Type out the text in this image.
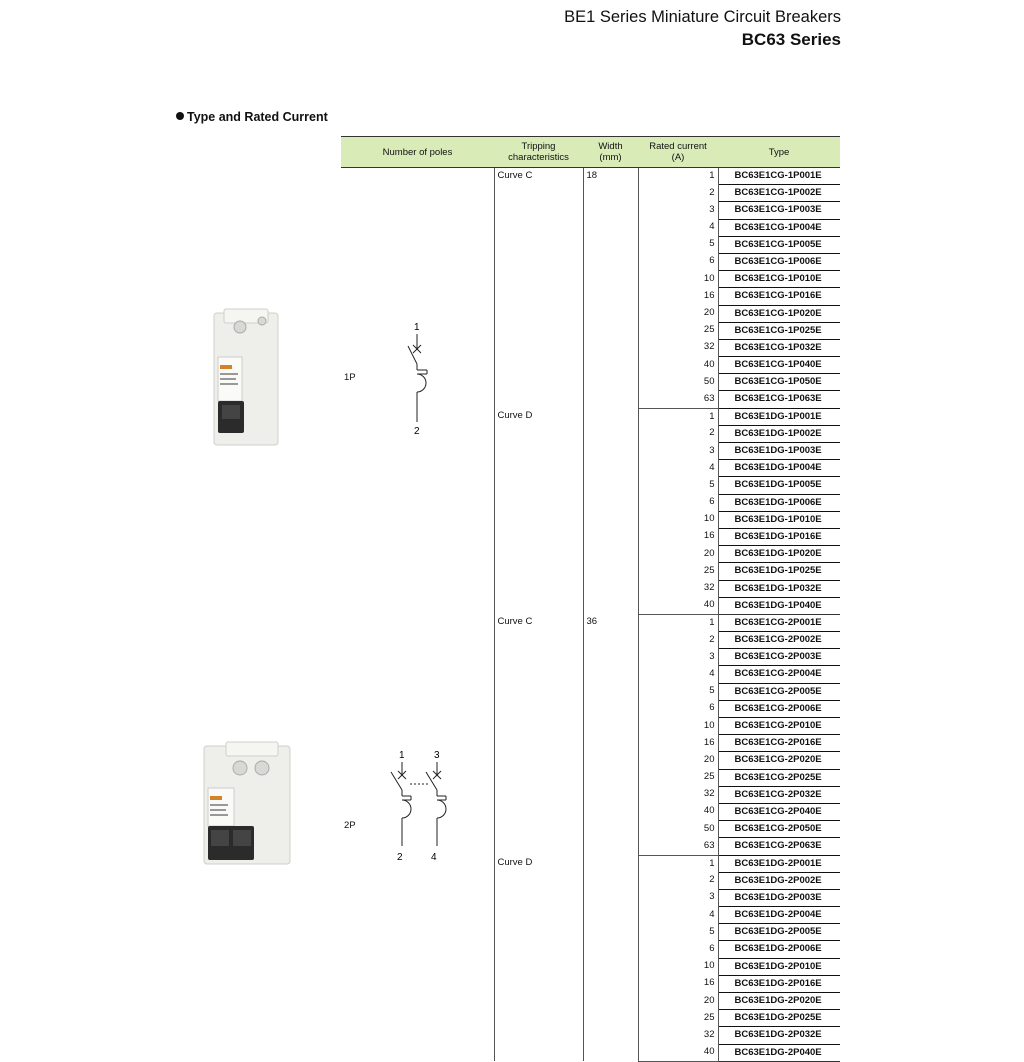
BE1 Series Miniature Circuit Breakers
BC63 Series
Type and Rated Current
1
2
1	3
2	4
Number of poles	Tripping characteristics	Width (mm)	Rated current (A)	Type

1P	Curve C	18	1	BC63E1CG-1P001E
			2	BC63E1CG-1P002E
			3	BC63E1CG-1P003E
			4	BC63E1CG-1P004E
			5	BC63E1CG-1P005E
			6	BC63E1CG-1P006E
			10	BC63E1CG-1P010E
			16	BC63E1CG-1P016E
			20	BC63E1CG-1P020E
			25	BC63E1CG-1P025E
			32	BC63E1CG-1P032E
			40	BC63E1CG-1P040E
			50	BC63E1CG-1P050E
			63	BC63E1CG-1P063E
	Curve D		1	BC63E1DG-1P001E
			2	BC63E1DG-1P002E
			3	BC63E1DG-1P003E
			4	BC63E1DG-1P004E
			5	BC63E1DG-1P005E
			6	BC63E1DG-1P006E
			10	BC63E1DG-1P010E
			16	BC63E1DG-1P016E
			20	BC63E1DG-1P020E
			25	BC63E1DG-1P025E
			32	BC63E1DG-1P032E
			40	BC63E1DG-1P040E

2P	Curve C	36	1	BC63E1CG-2P001E
			2	BC63E1CG-2P002E
			3	BC63E1CG-2P003E
			4	BC63E1CG-2P004E
			5	BC63E1CG-2P005E
			6	BC63E1CG-2P006E
			10	BC63E1CG-2P010E
			16	BC63E1CG-2P016E
			20	BC63E1CG-2P020E
			25	BC63E1CG-2P025E
			32	BC63E1CG-2P032E
			40	BC63E1CG-2P040E
			50	BC63E1CG-2P050E
			63	BC63E1CG-2P063E
	Curve D		1	BC63E1DG-2P001E
			2	BC63E1DG-2P002E
			3	BC63E1DG-2P003E
			4	BC63E1DG-2P004E
			5	BC63E1DG-2P005E
			6	BC63E1DG-2P006E
			10	BC63E1DG-2P010E
			16	BC63E1DG-2P016E
			20	BC63E1DG-2P020E
			25	BC63E1DG-2P025E
			32	BC63E1DG-2P032E
			40	BC63E1DG-2P040E
